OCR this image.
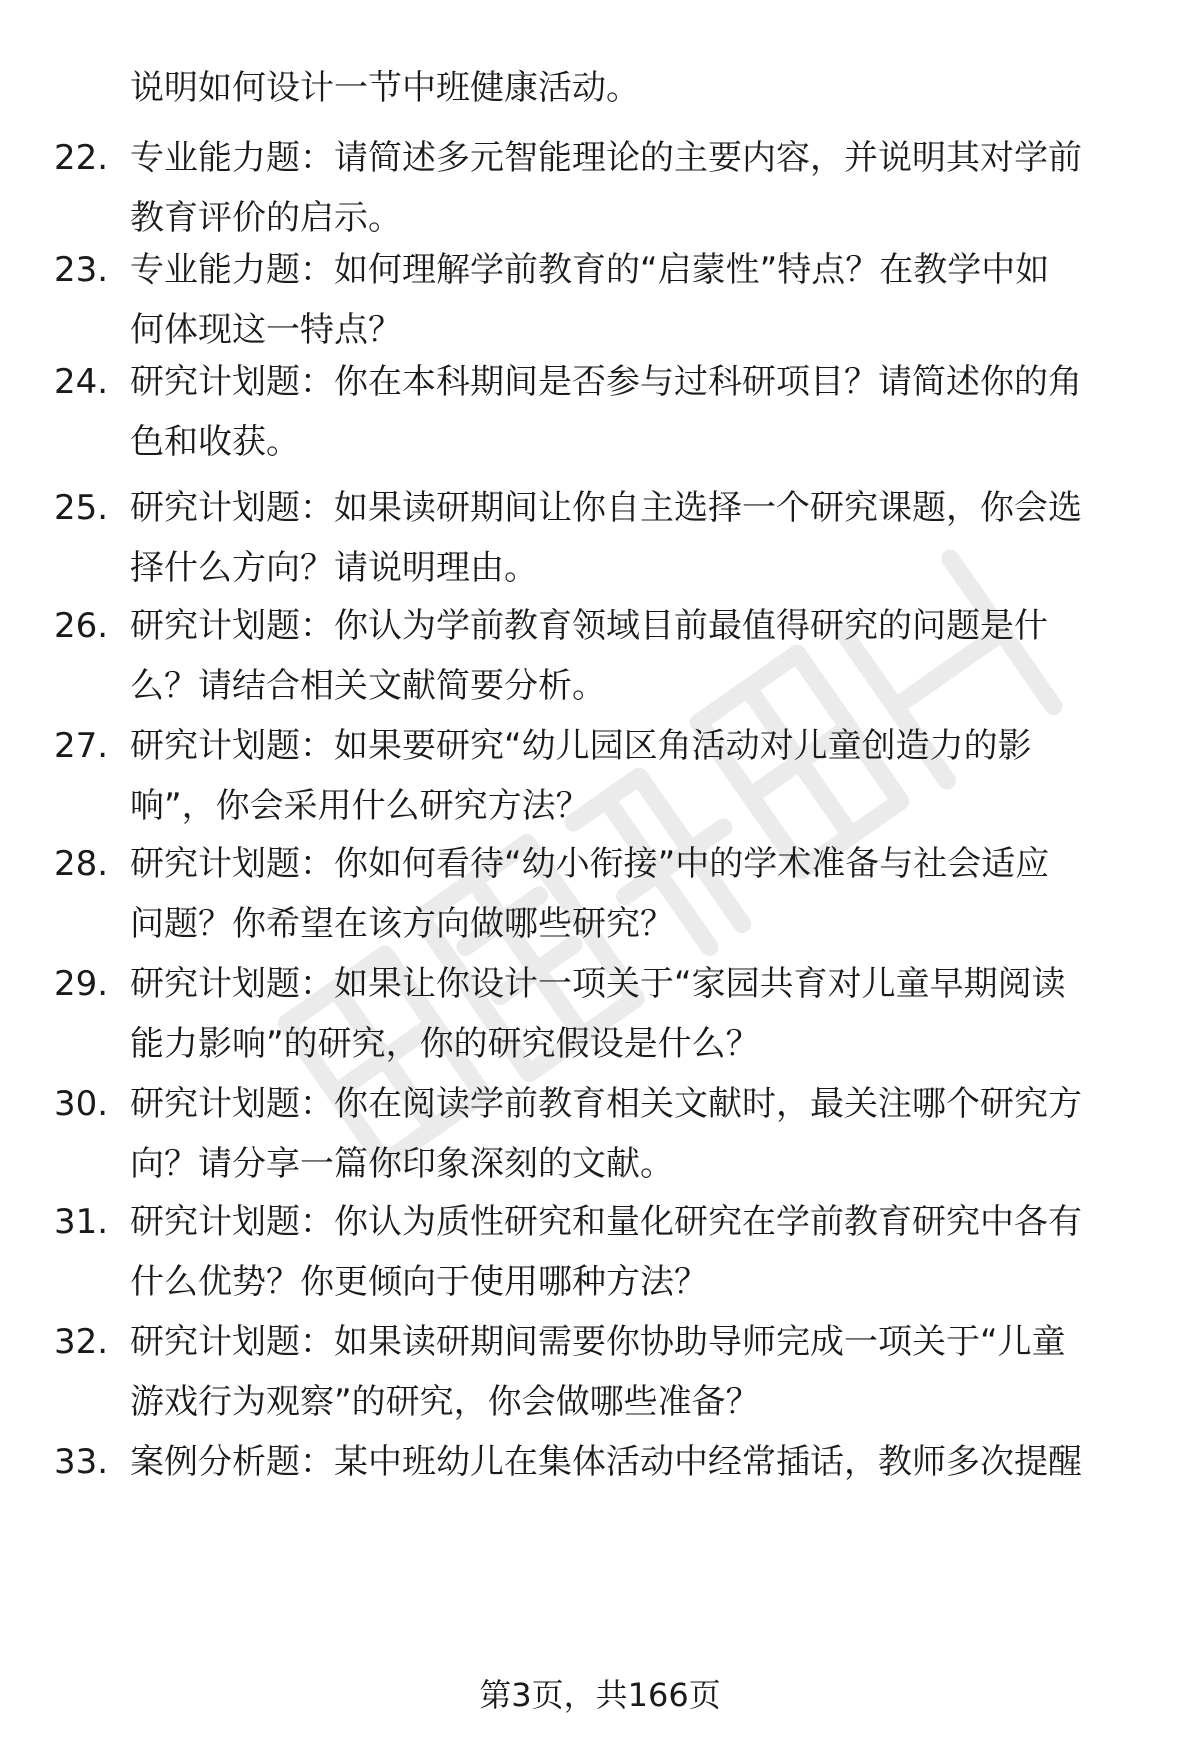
说明如何设计一节中班健康活动。
22. 专业能力题：请简述多元智能理论的主要内容，并说明其对学前
教育评价的启示。
23. 专业能力题：如何理解学前教育的“启蒙性”特点？在教学中如
何体现这一特点？
24. 研究计划题：你在本科期间是否参与过科研项目？请简述你的角
色和收获。
25. 研究计划题：如果读研期间让你自主选择一个研究课题，你会选
择什么方向？请说明理由。
26. 研究计划题：你认为学前教育领域目前最值得研究的问题是什
么？请结合相关文献简要分析。
27. 研究计划题：如果要研究“幼儿园区角活动对儿童创造力的影
响”，你会采用什么研究方法？
28. 研究计划题：你如何看待“幼小衔接”中的学术准备与社会适应
问题？你希望在该方向做哪些研究？
29. 研究计划题：如果让你设计一项关于“家园共育对儿童早期阅读
能力影响”的研究，你的研究假设是什么？
30. 研究计划题：你在阅读学前教育相关文献时，最关注哪个研究方
向？请分享一篇你印象深刻的文献。
31. 研究计划题：你认为质性研究和量化研究在学前教育研究中各有
什么优势？你更倾向于使用哪种方法？
32. 研究计划题：如果读研期间需要你协助导师完成一项关于“儿童
游戏行为观察”的研究，你会做哪些准备？
33. 案例分析题：某中班幼儿在集体活动中经常插话，教师多次提醒
第3页，共166页
